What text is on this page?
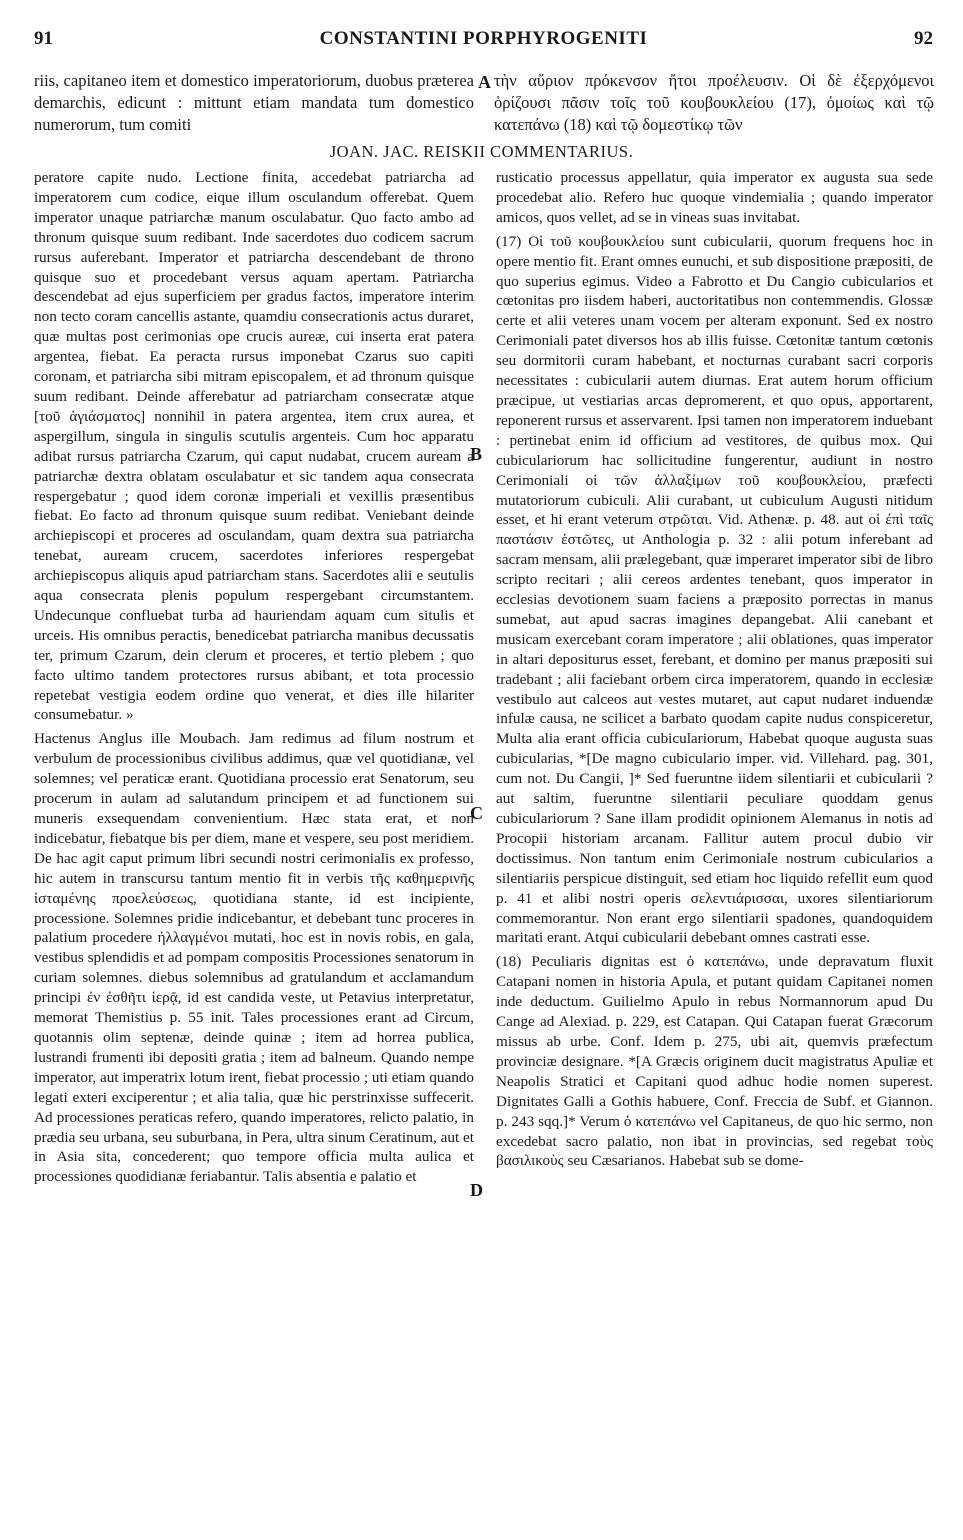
91	CONSTANTINI PORPHYROGENITI	92
riis, capitaneo item et domestico imperatoriorum, duobus præterea demarchis, edicunt : mittunt etiam mandata tum domestico numerorum, tum comiti
τὴν αὔριον πρόκενσον ἤτοι προέλευσιν. Οἱ δὲ ἐξερχόμενοι ὁρίζουσι πᾶσιν τοῖς τοῦ κουβουκλείου (17), ὁμοίως καὶ τῷ κατεπάνω (18) καὶ τῷ δομεστίκῳ τῶν
A
JOAN. JAC. REISKII COMMENTARIUS.

peratore capite nudo. Lectione finita, accedebat patriarcha ad imperatorem cum codice, eique illum osculandum offerebat. Quem imperator unaque patriarchæ manum osculabatur. Quo facto ambo ad thronum quisque suum redibant. Inde sacerdotes duo codicem sacrum rursus auferebant. Imperator et patriarcha descendebant de throno quisque suo et procedebant versus aquam apertam. Patriarcha descendebat ad ejus superficiem per gradus factos, imperatore interim non tecto coram cancellis astante, quamdiu consecrationis actus duraret, quæ multas post cerimonias ope crucis aureæ, cui inserta erat patera argentea, fiebat. Ea peracta rursus imponebat Czarus suo capiti coronam, et patriarcha sibi mitram episcopalem, et ad thronum quisque suum redibant. Deinde afferebatur ad patriarcham consecratæ atque [τοῦ ἁγιάσματος] nonnihil in patera argentea, item crux aurea, et aspergillum, singula in singulis scutulis argenteis. Cum hoc apparatu adibat rursus patriarcha Czarum, qui caput nudabat, crucem auream a patriarchæ dextra oblatam osculabatur et sic tandem aqua consecrata respergebatur ; quod idem coronæ imperiali et vexillis præsentibus fiebat. Eo facto ad thronum quisque suum redibat. Veniebant deinde archiepiscopi et proceres ad osculandam, quam dextra sua patriarcha tenebat, auream crucem, sacerdotes inferiores respergebat archiepiscopus aliquis apud patriarcham stans. Sacerdotes alii e seutulis aqua consecrata plenis populum respergebant circumstantem. Undecunque confluebat turba ad hauriendam aquam cum situlis et urceis. His omnibus peractis, benedicebat patriarcha manibus decussatis ter, primum Czarum, dein clerum et proceres, et tertio plebem ; quo facto ultimo tandem protectores rursus abibant, et tota processio repetebat vestigia eodem ordine quo venerat, et dies ille hilariter consumebatur. »

Hactenus Anglus ille Moubach. Jam redimus ad filum nostrum et verbulum de processionibus civilibus addimus, quæ vel quotidianæ, vel solemnes; vel peraticæ erant. Quotidiana processio erat Senatorum, seu procerum in aulam ad salutandum principem et ad functionem sui muneris exsequendam convenientium. Hæc stata erat, et non indicebatur, fiebatque bis per diem, mane et vespere, seu post meridiem. De hac agit caput primum libri secundi nostri cerimonialis ex professo, hic autem in transcursu tantum mentio fit in verbis τῆς καθημερινῆς ἱσταμένης προελεύσεως, quotidiana stante, id est incipiente, processione. Solemnes pridie indicebantur, et debebant tunc proceres in palatium procedere ἠλλαγμένοι mutati, hoc est in novis robis, en gala, vestibus splendidis et ad pompam compositis Processiones senatorum in curiam solemnes. diebus solemnibus ad gratulandum et acclamandum principi ἐν ἐσθῆτι ἱερᾷ, id est candida veste, ut Petavius interpretatur, memorat Themistius p. 55 init. Tales processiones erant ad Circum, quotannis olim septenæ, deinde quinæ ; item ad horrea publica, lustrandi frumenti ibi depositi gratia ; item ad balneum. Quando nempe imperator, aut imperatrix lotum irent, fiebat processio ; uti etiam quando legati exteri exciperentur ; et alia talia, quæ hic perstrinxisse suffecerit. Ad processiones peraticas refero, quando imperatores, relicto palatio, in prædia seu urbana, seu suburbana, in Pera, ultra sinum Ceratinum, aut et in Asia sita, concederent; quo tempore officia multa aulica et processiones quodidianæ feriabantur. Talis absentia e palatio et

rusticatio processus appellatur, quia imperator ex augusta sua sede procedebat alio. Refero huc quoque vindemialia ; quando imperator amicos, quos vellet, ad se in vineas suas invitabat.

(17) Οἱ τοῦ κουβουκλείου sunt cubicularii, quorum frequens hoc in opere mentio fit. Erant omnes eunuchi, et sub dispositione præpositi, de quo superius egimus. Video a Fabrotto et Du Cangio cubicularios et cœtonitas pro iisdem haberi, auctoritatibus non contemmendis. Glossæ certe et alii veteres unam vocem per alteram exponunt. Sed ex nostro Cerimoniali patet diversos hos ab illis fuisse. Cœtonitæ tantum cœtonis seu dormitorii curam habebant, et nocturnas curabant sacri corporis necessitates : cubicularii autem diurnas. Erat autem horum officium præcipue, ut vestiarias arcas depromerent, et quo opus, apportarent, reponerent rursus et asservarent. Ipsi tamen non imperatorem induebant : pertinebat enim id officium ad vestitores, de quibus mox. Qui cubiculariorum hac sollicitudine fungerentur, audiunt in nostro Cerimoniali οἱ τῶν ἀλλαξίμων τοῦ κουβουκλείου, præfecti mutatoriorum cubiculi. Alii curabant, ut cubiculum Augusti nitidum esset, et hi erant veterum στρῶται. Vid. Athenæ. p. 48. aut οἱ ἐπὶ ταῖς παστάσιν ἑστῶτες, ut Anthologia p. 32 : alii potum inferebant ad sacram mensam, alii prælegebant, quæ imperaret imperator sibi de libro scripto recitari ; alii cereos ardentes tenebant, quos imperator in ecclesias devotionem suam faciens a præposito porrectas in manus sumebat, aut apud sacras imagines depangebat. Alii canebant et musicam exercebant coram imperatore ; alii oblationes, quas imperator in altari depositurus esset, ferebant, et domino per manus præpositi sui tradebant ; alii faciebant orbem circa imperatorem, quando in ecclesiæ vestibulo aut calceos aut vestes mutaret, aut caput nudaret induendæ infulæ causa, ne scilicet a barbato quodam capite nudus conspiceretur, Multa alia erant officia cubiculariorum, Habebat quoque augusta suas cubicularias, *[De magno cubiculario imper. vid. Villehard. pag. 301, cum not. Du Cangii, ]* Sed fueruntne iidem silentiarii et cubicularii ? aut saltim, fueruntne silentiarii peculiare quoddam genus cubiculariorum ? Sane illam prodidit opinionem Alemanus in notis ad Procopii historiam arcanam. Fallitur autem procul dubio vir doctissimus. Non tantum enim Cerimoniale nostrum cubicularios a silentiariis perspicue distinguit, sed etiam hoc liquido refellit eum quod p. 41 et alibi nostri operis σελεντιάρισσαι, uxores silentiariorum commemorantur. Non erant ergo silentiarii spadones, quandoquidem maritati erant. Atqui cubicularii debebant omnes castrati esse.

(18) Peculiaris dignitas est ὁ κατεπάνω, unde depravatum fluxit Catapani nomen in historia Apula, et putant quidam Capitanei nomen inde deductum. Guilielmo Apulo in rebus Normannorum apud Du Cange ad Alexiad. p. 229, est Catapan. Qui Catapan fuerat Græcorum missus ab urbe. Conf. Idem p. 275, ubi ait, quemvis præfectum provinciæ designare. *[A Græcis originem ducit magistratus Apuliæ et Neapolis Stratici et Capitani quod adhuc hodie nomen superest. Dignitates Galli a Gothis habuere, Conf. Freccia de Subf. et Giannon. p. 243 sqq.]* Verum ὁ κατεπάνω vel Capitaneus, de quo hic sermo, non excedebat sacro palatio, non ibat in provincias, sed regebat τοὺς βασιλικοὺς seu Cæsarianos. Habebat sub se dome-

B
C
D
